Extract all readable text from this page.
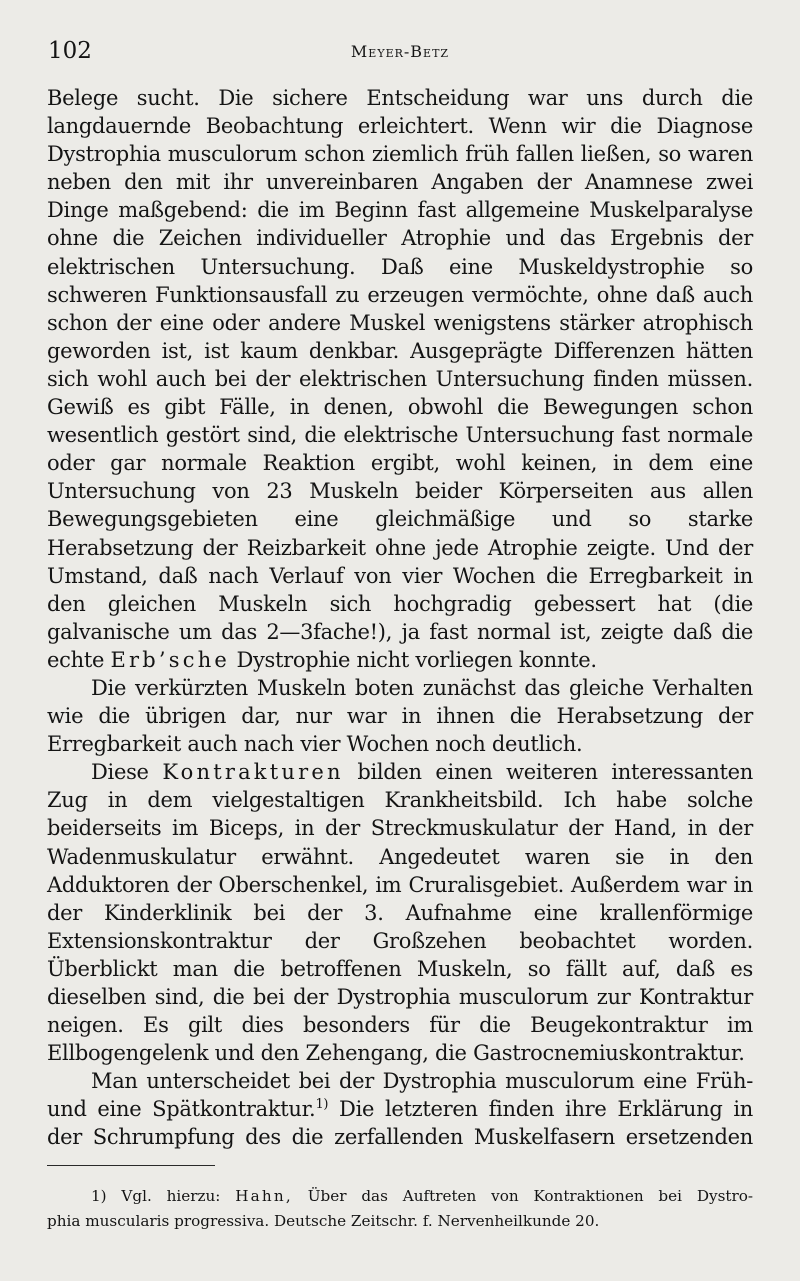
102	Meyer-Betz

Belege sucht. Die sichere Entscheidung war uns durch die langdauernde Beobachtung erleichtert. Wenn wir die Diagnose Dystrophia musculorum schon ziemlich früh fallen ließen, so waren neben den mit ihr unvereinbaren Angaben der Anamnese zwei Dinge maßgebend: die im Beginn fast allgemeine Muskelparalyse ohne die Zeichen individueller Atrophie und das Ergebnis der elektrischen Untersuchung. Daß eine Muskeldystrophie so schweren Funktionsausfall zu erzeugen vermöchte, ohne daß auch schon der eine oder andere Muskel wenigstens stärker atrophisch geworden ist, ist kaum denkbar. Ausgeprägte Differenzen hätten sich wohl auch bei der elektrischen Untersuchung finden müssen. Gewiß es gibt Fälle, in denen, obwohl die Bewegungen schon wesentlich gestört sind, die elektrische Untersuchung fast normale oder gar normale Reaktion ergibt, wohl keinen, in dem eine Untersuchung von 23 Muskeln beider Körperseiten aus allen Bewegungsgebieten eine gleichmäßige und so starke Herabsetzung der Reizbarkeit ohne jede Atrophie zeigte. Und der Umstand, daß nach Verlauf von vier Wochen die Erregbarkeit in den gleichen Muskeln sich hochgradig gebessert hat (die galvanische um das 2—3fache!), ja fast normal ist, zeigte daß die echte Erb’sche Dystrophie nicht vorliegen konnte.

Die verkürzten Muskeln boten zunächst das gleiche Verhalten wie die übrigen dar, nur war in ihnen die Herabsetzung der Erregbarkeit auch nach vier Wochen noch deutlich.

Diese Kontrakturen bilden einen weiteren interessanten Zug in dem vielgestaltigen Krankheitsbild. Ich habe solche beiderseits im Biceps, in der Streckmuskulatur der Hand, in der Wadenmuskulatur erwähnt. Angedeutet waren sie in den Adduktoren der Oberschenkel, im Cruralisgebiet. Außerdem war in der Kinderklinik bei der 3. Aufnahme eine krallenförmige Extensionskontraktur der Großzehen beobachtet worden. Überblickt man die betroffenen Muskeln, so fällt auf, daß es dieselben sind, die bei der Dystrophia musculorum zur Kontraktur neigen. Es gilt dies besonders für die Beugekontraktur im Ellbogengelenk und den Zehengang, die Gastrocnemiuskontraktur.

Man unterscheidet bei der Dystrophia musculorum eine Früh- und eine Spätkontraktur.$^{1)}$ Die letzteren finden ihre Erklärung in der Schrumpfung des die zerfallenden Muskelfasern ersetzenden

1) Vgl. hierzu: Hahn, Über das Auftreten von Kontraktionen bei Dystro-
phia muscularis progressiva. Deutsche Zeitschr. f. Nervenheilkunde 20.
